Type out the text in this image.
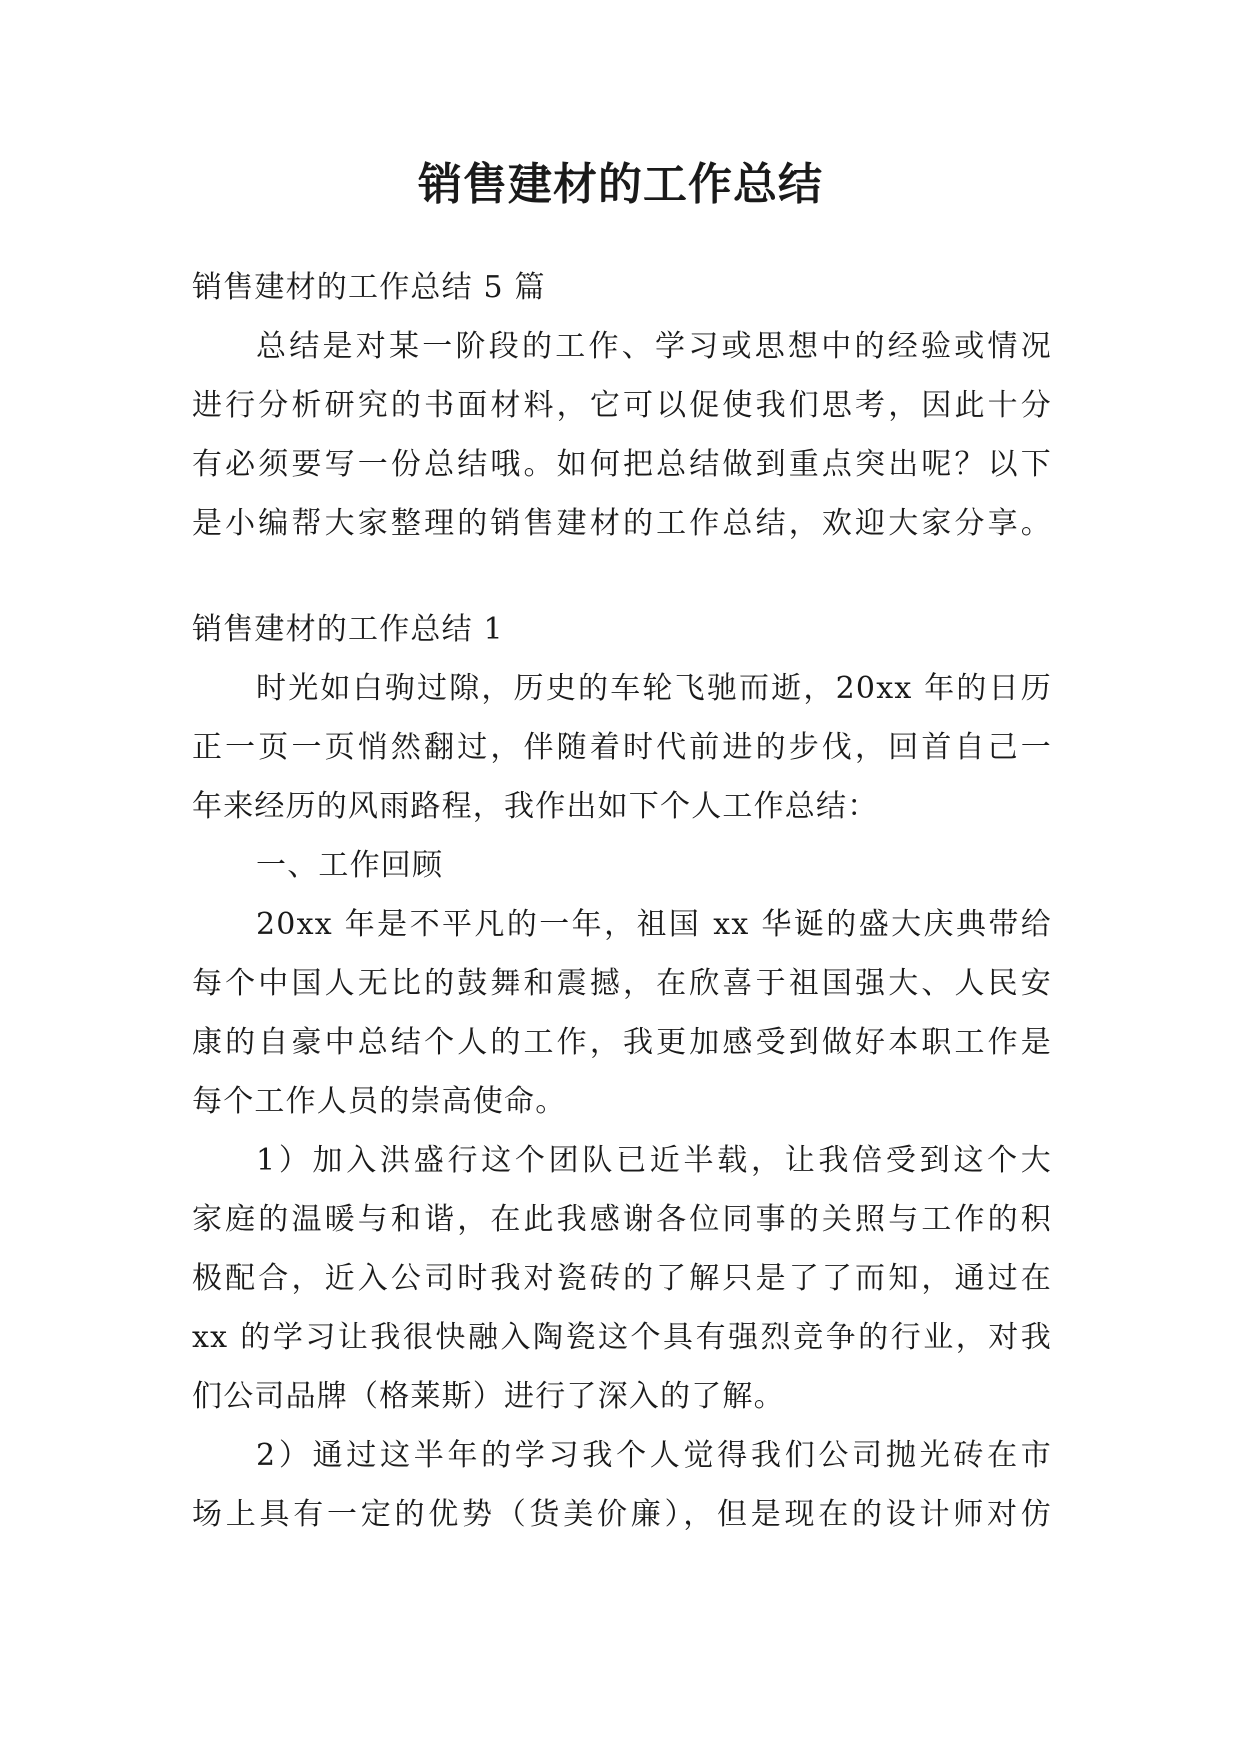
销售建材的工作总结
销售建材的工作总结 5 篇
总结是对某一阶段的工作、学习或思想中的经验或情况
进行分析研究的书面材料，它可以促使我们思考，因此十分
有必须要写一份总结哦。如何把总结做到重点突出呢？以下
是小编帮大家整理的销售建材的工作总结，欢迎大家分享。
销售建材的工作总结 1
时光如白驹过隙，历史的车轮飞驰而逝，20xx 年的日历
正一页一页悄然翻过，伴随着时代前进的步伐，回首自己一
年来经历的风雨路程，我作出如下个人工作总结：
一、工作回顾
20xx 年是不平凡的一年，祖国 xx 华诞的盛大庆典带给
每个中国人无比的鼓舞和震撼，在欣喜于祖国强大、人民安
康的自豪中总结个人的工作，我更加感受到做好本职工作是
每个工作人员的崇高使命。
1）加入洪盛行这个团队已近半载，让我倍受到这个大
家庭的温暖与和谐，在此我感谢各位同事的关照与工作的积
极配合，近入公司时我对瓷砖的了解只是了了而知，通过在
xx 的学习让我很快融入陶瓷这个具有强烈竞争的行业，对我
们公司品牌（格莱斯）进行了深入的了解。
2）通过这半年的学习我个人觉得我们公司抛光砖在市
场上具有一定的优势（货美价廉），但是现在的设计师对仿
